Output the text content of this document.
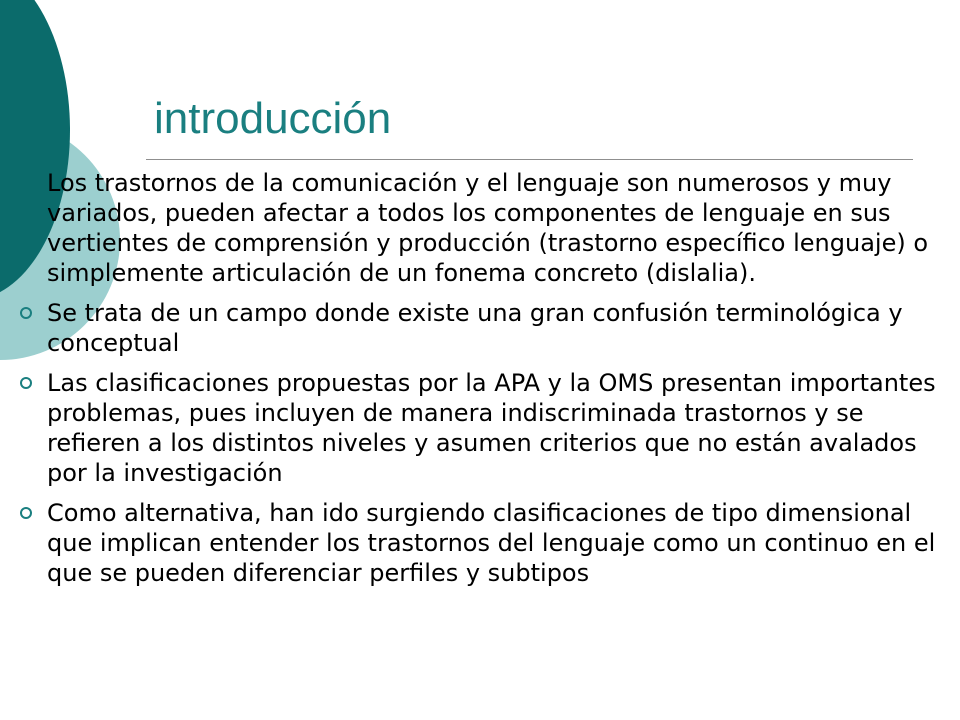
introducción

Los trastornos de la comunicación y el lenguaje son numerosos y muy variados, pueden afectar a todos los componentes de lenguaje en sus vertientes de comprensión y producción (trastorno específico lenguaje) o simplemente articulación de un fonema concreto (dislalia).

Se trata de un campo donde existe una gran confusión terminológica y conceptual

Las clasificaciones propuestas por la APA y la OMS presentan importantes problemas, pues incluyen de manera indiscriminada trastornos y se refieren a los distintos niveles y asumen criterios que no están avalados por la investigación

Como alternativa, han ido surgiendo clasificaciones de tipo dimensional que implican entender los trastornos del lenguaje como un continuo en el que se pueden diferenciar perfiles y subtipos
